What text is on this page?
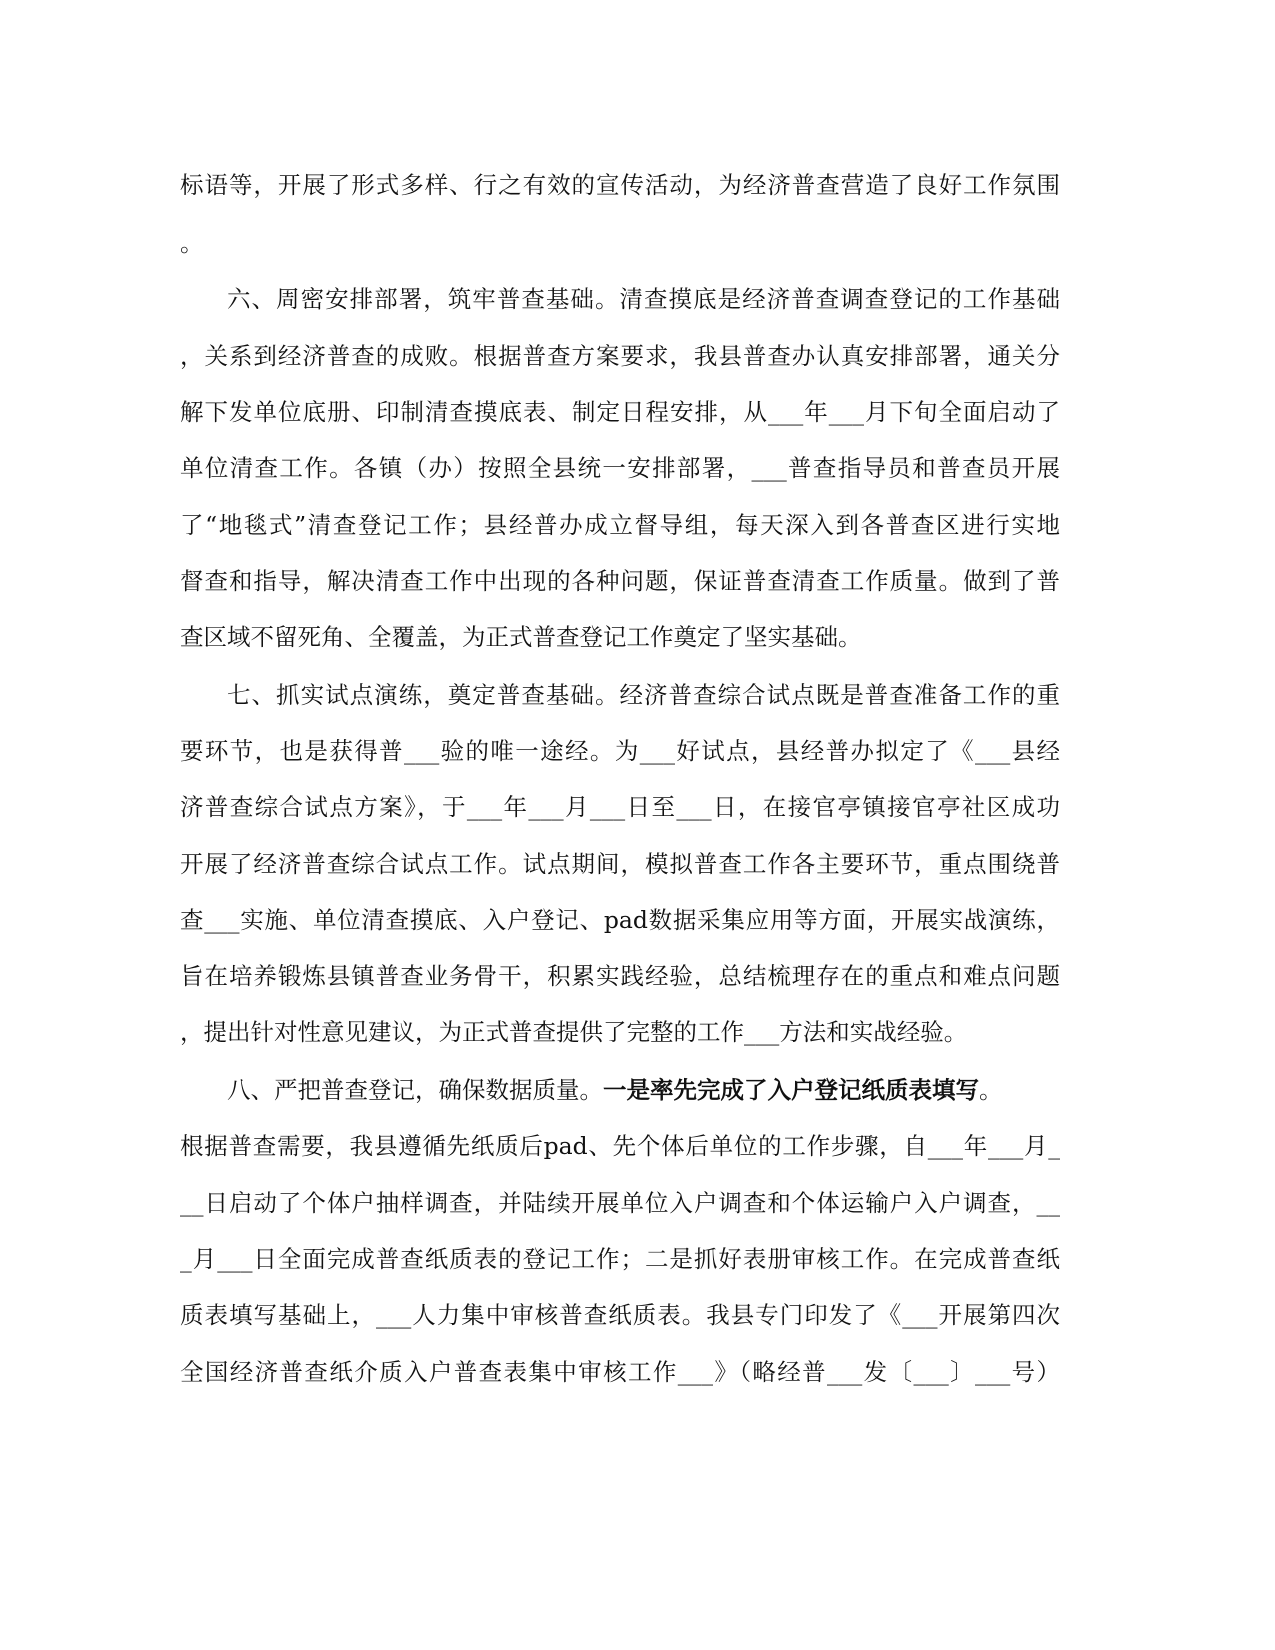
标语等，开展了形式多样、行之有效的宣传活动，为经济普查营造了良好工作氛围
。
六、周密安排部署，筑牢普查基础。清查摸底是经济普查调查登记的工作基础
，关系到经济普查的成败。根据普查方案要求，我县普查办认真安排部署，通关分
解下发单位底册、印制清查摸底表、制定日程安排，从___年___月下旬全面启动了
单位清查工作。各镇（办）按照全县统一安排部署，___普查指导员和普查员开展
了“地毯式”清查登记工作；县经普办成立督导组，每天深入到各普查区进行实地
督查和指导，解决清查工作中出现的各种问题，保证普查清查工作质量。做到了普
查区域不留死角、全覆盖，为正式普查登记工作奠定了坚实基础。
七、抓实试点演练，奠定普查基础。经济普查综合试点既是普查准备工作的重
要环节，也是获得普___验的唯一途经。为___好试点，县经普办拟定了《___县经
济普查综合试点方案》，于___年___月___日至___日，在接官亭镇接官亭社区成功
开展了经济普查综合试点工作。试点期间，模拟普查工作各主要环节，重点围绕普
查___实施、单位清查摸底、入户登记、pad数据采集应用等方面，开展实战演练，
旨在培养锻炼县镇普查业务骨干，积累实践经验，总结梳理存在的重点和难点问题
，提出针对性意见建议，为正式普查提供了完整的工作___方法和实战经验。
八、严把普查登记，确保数据质量。一是率先完成了入户登记纸质表填写。
根据普查需要，我县遵循先纸质后pad、先个体后单位的工作步骤，自___年___月_
__日启动了个体户抽样调查，并陆续开展单位入户调查和个体运输户入户调查，__
_月___日全面完成普查纸质表的登记工作；二是抓好表册审核工作。在完成普查纸
质表填写基础上，___人力集中审核普查纸质表。我县专门印发了《___开展第四次
全国经济普查纸介质入户普查表集中审核工作___》（略经普___发〔___〕___号）
